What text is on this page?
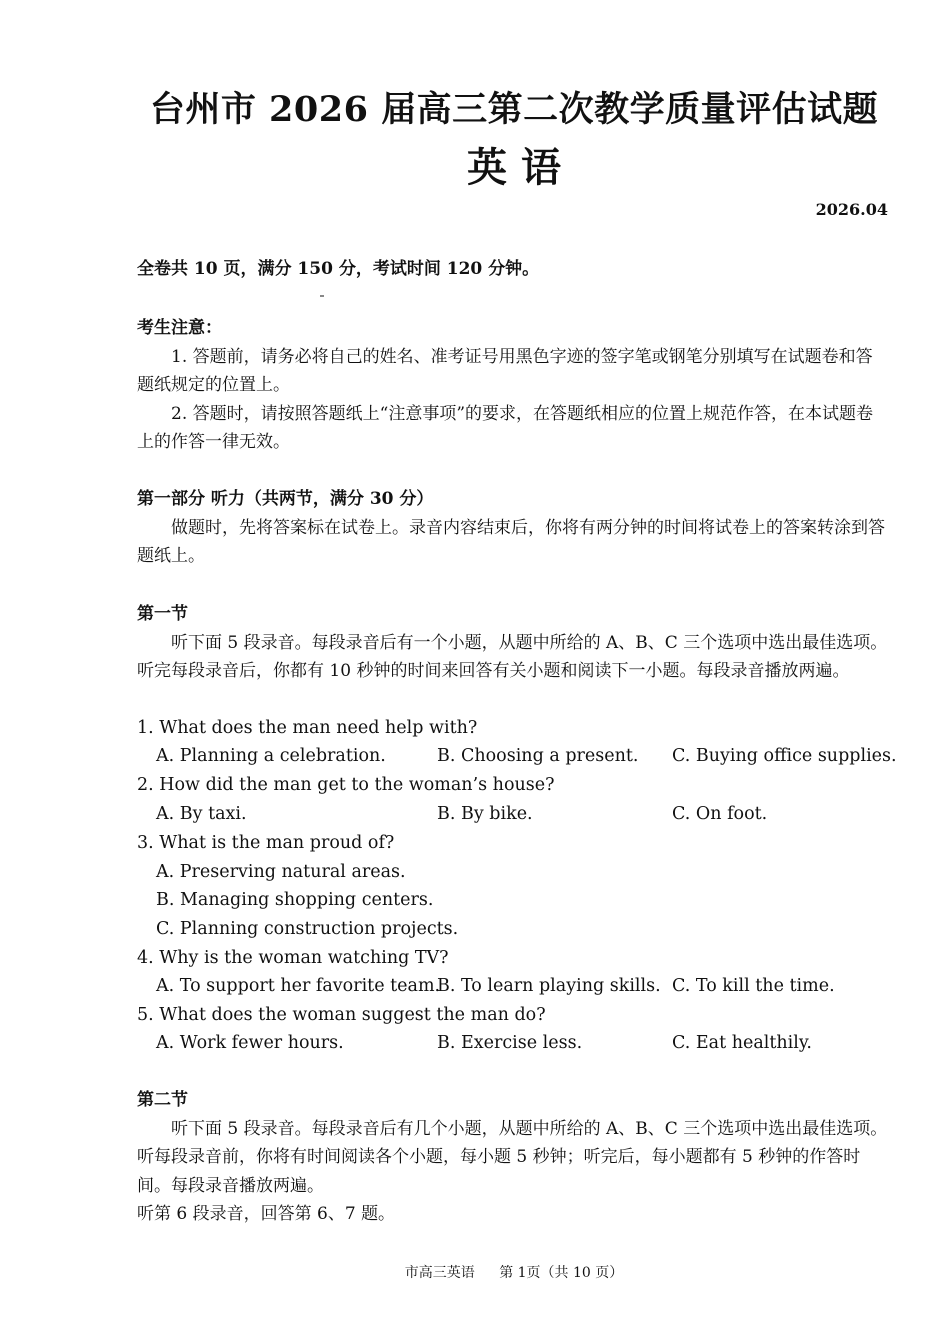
台州市 2026 届高三第二次教学质量评估试题
英 语
2026.04
全卷共 10 页，满分 150 分，考试时间 120 分钟。

考生注意：

1. 答题前，请务必将自己的姓名、准考证号用黑色字迹的签字笔或钢笔分别填写在试题卷和答题纸规定的位置上。

2. 答题时，请按照答题纸上“注意事项”的要求，在答题纸相应的位置上规范作答，在本试题卷上的作答一律无效。

第一部分 听力（共两节，满分 30 分）

做题时，先将答案标在试卷上。录音内容结束后，你将有两分钟的时间将试卷上的答案转涂到答题纸上。

第一节

听下面 5 段录音。每段录音后有一个小题，从题中所给的 A、B、C 三个选项中选出最佳选项。听完每段录音后，你都有 10 秒钟的时间来回答有关小题和阅读下一小题。每段录音播放两遍。

1. What does the man need help with?
A. Planning a celebration.	B. Choosing a present. C. Buying office supplies.
2. How did the man get to the woman’s house?
A. By taxi.	B. By bike.	C. On foot.
3. What is the man proud of?
A. Preserving natural areas.
B. Managing shopping centers.
C. Planning construction projects.
4. Why is the woman watching TV?
A. To support her favorite team.
B. To learn playing skills. C. To kill the time.
5. What does the woman suggest the man do?
A. Work fewer hours.	B. Exercise less.	C. Eat healthily.

第二节

听下面 5 段录音。每段录音后有几个小题，从题中所给的 A、B、C 三个选项中选出最佳选项。听每段录音前，你将有时间阅读各个小题，每小题 5 秒钟；听完后，每小题都有 5 秒钟的作答时间。每段录音播放两遍。

听第 6 段录音，回答第 6、7 题。

市高三英语 第 1页（共 10 页）
